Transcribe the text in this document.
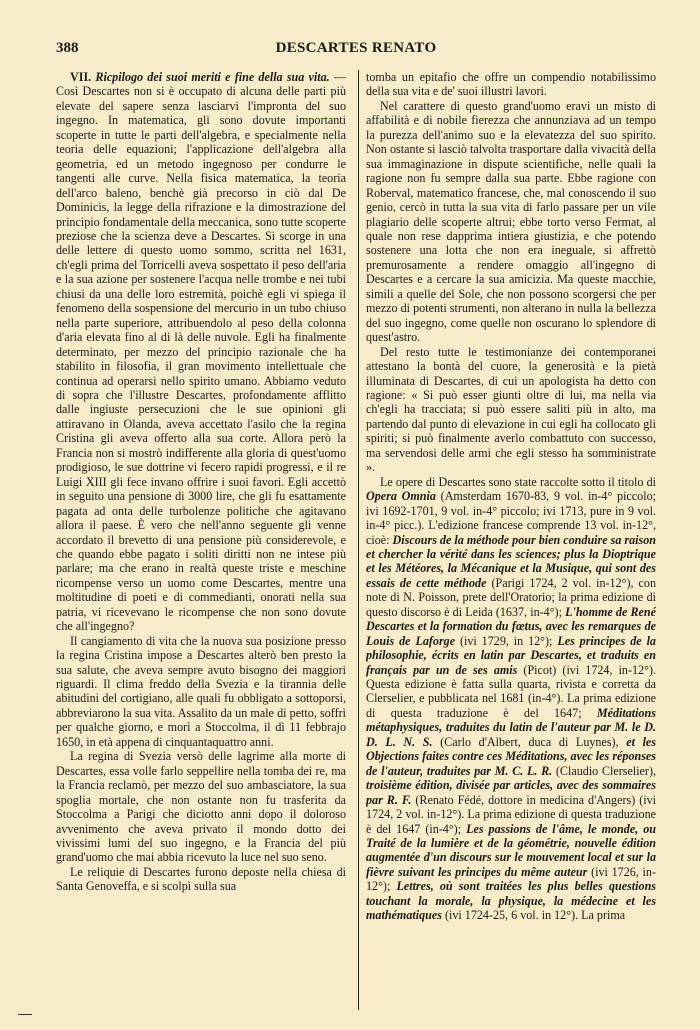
388	DESCARTES RENATO

VII. Ricpilogo dei suoi meriti e fine della sua vita. — Così Descartes non si è occupato di alcuna delle parti più elevate del sapere senza lasciarvi l'impronta del suo ingegno. In matematica, gli sono dovute importanti scoperte in tutte le parti dell'algebra, e specialmente nella teoria delle equazioni; l'applicazione dell'algebra alla geometria, ed un metodo ingegnoso per condurre le tangenti alle curve. Nella fisica matematica, la teoria dell'arco baleno, benchè già precorso in ciò dal De Dominicis, la legge della rifrazione e la dimostrazione del principio fondamentale della meccanica, sono tutte scoperte preziose che la scienza deve a Descartes. Si scorge in una delle lettere di questo uomo sommo, scritta nel 1631, ch'egli prima del Torricelli aveva sospettato il peso dell'aria e la sua azione per sostenere l'acqua nelle trombe e nei tubi chiusi da una delle loro estremità, poichè egli vi spiega il fenomeno della sospensione del mercurio in un tubo chiuso nella parte superiore, attribuendolo al peso della colonna d'aria elevata fino al di là delle nuvole. Egli ha finalmente determinato, per mezzo del principio razionale che ha stabilito in filosofia, il gran movimento intellettuale che continua ad operarsi nello spirito umano. Abbiamo veduto di sopra che l'illustre Descartes, profondamente afflitto dalle ingiuste persecuzioni che le sue opinioni gli attiravano in Olanda, aveva accettato l'asilo che la regina Cristina gli aveva offerto alla sua corte. Allora però la Francia non si mostrò indifferente alla gloria di quest'uomo prodigioso, le sue dottrine vi fecero rapidi progressi, e il re Luigi XIII gli fece invano offrire i suoi favori. Egli accettò in seguito una pensione di 3000 lire, che gli fu esattamente pagata ad onta delle turbolenze politiche che agitavano allora il paese. È vero che nell'anno seguente gli venne accordato il brevetto di una pensione più considerevole, e che quando ebbe pagato i soliti diritti non ne intese più parlare; ma che erano in realtà queste triste e meschine ricompense verso un uomo come Descartes, mentre una moltitudine di poeti e di commedianti, onorati nella sua patria, vi ricevevano le ricompense che non sono dovute che all'ingegno?

Il cangiamento di vita che la nuova sua posizione presso la regina Cristina impose a Descartes alterò ben presto la sua salute, che aveva sempre avuto bisogno dei maggiori riguardi. Il clima freddo della Svezia e la tirannia delle abitudini del cortigiano, alle quali fu obbligato a sottoporsi, abbreviarono la sua vita. Assalito da un male di petto, soffrì per qualche giorno, e morì a Stoccolma, il dì 11 febbrajo 1650, in età appena di cinquantaquattro anni.

La regina di Svezia versò delle lagrime alla morte di Descartes, essa volle farlo seppellire nella tomba dei re, ma la Francia reclamò, per mezzo del suo ambasciatore, la sua spoglia mortale, che non ostante non fu trasferita da Stoccolma a Parigi che diciotto anni dopo il doloroso avvenimento che aveva privato il mondo dotto dei vivissimi lumi del suo ingegno, e la Francia del più grand'uomo che mai abbia ricevuto la luce nel suo seno.

Le reliquie di Descartes furono deposte nella chiesa di Santa Genoveffa, e si scolpì sulla sua

tomba un epitafio che offre un compendio notabilissimo della sua vita e de' suoi illustri lavori.

Nel carattere di questo grand'uomo eravi un misto di affabilità e di nobile fierezza che annunziava ad un tempo la purezza dell'animo suo e la elevatezza del suo spirito. Non ostante si lasciò talvolta trasportare dalla vivacità della sua immaginazione in dispute scientifiche, nelle quali la ragione non fu sempre dalla sua parte. Ebbe ragione con Roberval, matematico francese, che, mal conoscendo il suo genio, cercò in tutta la sua vita di farlo passare per un vile plagiario delle scoperte altrui; ebbe torto verso Fermat, al quale non rese dapprima intiera giustizia, e che potendo sostenere una lotta che non era ineguale, si affrettò premurosamente a rendere omaggio all'ingegno di Descartes e a cercare la sua amicizia. Ma queste macchie, simili a quelle del Sole, che non possono scorgersi che per mezzo di potenti strumenti, non alterano in nulla la bellezza del suo ingegno, come quelle non oscurano lo splendore di quest'astro.

Del resto tutte le testimonianze dei contemporanei attestano la bontà del cuore, la generosità e la pietà illuminata di Descartes, di cui un apologista ha detto con ragione: « Si può esser giunti oltre di lui, ma nella via ch'egli ha tracciata; si può essere saliti più in alto, ma partendo dal punto di elevazione in cui egli ha collocato gli spiriti; si può finalmente averlo combattuto con successo, ma servendosi delle armi che egli stesso ha somministrate ».

Le opere di Descartes sono state raccolte sotto il titolo di Opera Omnia (Amsterdam 1670-83, 9 vol. in-4° piccolo; ivi 1692-1701, 9 vol. in-4° piccolo; ivi 1713, pure in 9 vol. in-4° picc.). L'edizione francese comprende 13 vol. in-12°, cioè: Discours de la méthode pour bien conduire sa raison et chercher la vérité dans les sciences; plus la Dioptrique et les Météores, la Mécanique et la Musique, qui sont des essais de cette méthode (Parigi 1724, 2 vol. in-12°), con note di N. Poisson, prete dell'Oratorio; la prima edizione di questo discorso è di Leida (1637, in-4°); L'homme de René Descartes et la formation du fœtus, avec les remarques de Louis de Laforge (ivi 1729, in 12°); Les principes de la philosophie, écrits en latin par Descartes, et traduits en français par un de ses amis (Picot) (ivi 1724, in-12°). Questa edizione è fatta sulla quarta, rivista e corretta da Clerselier, e pubblicata nel 1681 (in-4°). La prima edizione di questa traduzione è del 1647; Méditations métaphysiques, traduites du latin de l'auteur par M. le D. D. L. N. S. (Carlo d'Albert, duca di Luynes), et les Objections faites contre ces Méditations, avec les réponses de l'auteur, traduites par M. C. L. R. (Claudio Clerselier), troisième édition, divisée par articles, avec des sommaires par R. F. (Renato Fédé, dottore in medicina d'Angers) (ivi 1724, 2 vol. in-12°). La prima edizione di questa traduzione è del 1647 (in-4°); Les passions de l'âme, le monde, ou Traité de la lumière et de la géométrie, nouvelle édition augmentée d'un discours sur le mouvement local et sur la fièvre suivant les principes du même auteur (ivi 1726, in-12°); Lettres, où sont traitées les plus belles questions touchant la morale, la physique, la médecine et les mathématiques (ivi 1724-25, 6 vol. in 12°). La prima
